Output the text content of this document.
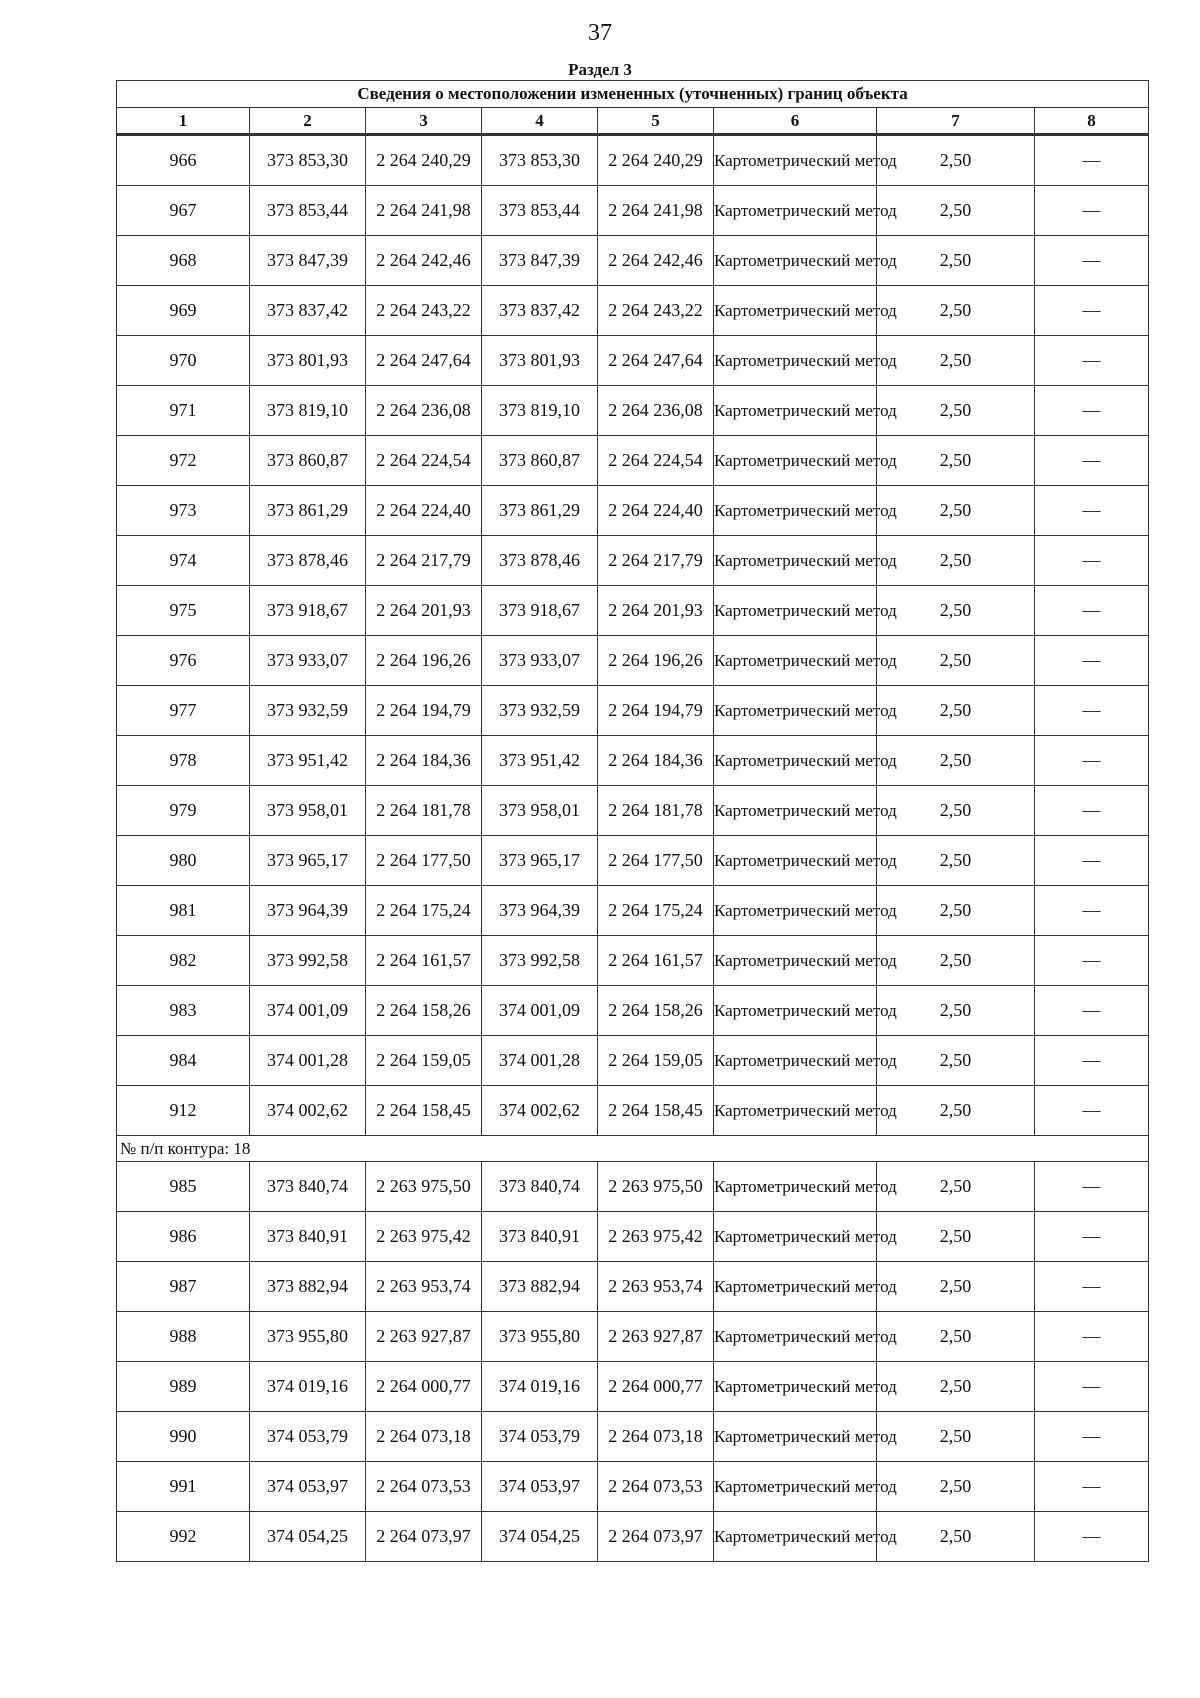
37
Раздел 3
Сведения о местоположении измененных (уточненных) границ объекта							
1	2	3	4	5	6	7	8
966	373 853,30	2 264 240,29	373 853,30	2 264 240,29	Картометрический метод	2,50	—
967	373 853,44	2 264 241,98	373 853,44	2 264 241,98	Картометрический метод	2,50	—
968	373 847,39	2 264 242,46	373 847,39	2 264 242,46	Картометрический метод	2,50	—
969	373 837,42	2 264 243,22	373 837,42	2 264 243,22	Картометрический метод	2,50	—
970	373 801,93	2 264 247,64	373 801,93	2 264 247,64	Картометрический метод	2,50	—
971	373 819,10	2 264 236,08	373 819,10	2 264 236,08	Картометрический метод	2,50	—
972	373 860,87	2 264 224,54	373 860,87	2 264 224,54	Картометрический метод	2,50	—
973	373 861,29	2 264 224,40	373 861,29	2 264 224,40	Картометрический метод	2,50	—
974	373 878,46	2 264 217,79	373 878,46	2 264 217,79	Картометрический метод	2,50	—
975	373 918,67	2 264 201,93	373 918,67	2 264 201,93	Картометрический метод	2,50	—
976	373 933,07	2 264 196,26	373 933,07	2 264 196,26	Картометрический метод	2,50	—
977	373 932,59	2 264 194,79	373 932,59	2 264 194,79	Картометрический метод	2,50	—
978	373 951,42	2 264 184,36	373 951,42	2 264 184,36	Картометрический метод	2,50	—
979	373 958,01	2 264 181,78	373 958,01	2 264 181,78	Картометрический метод	2,50	—
980	373 965,17	2 264 177,50	373 965,17	2 264 177,50	Картометрический метод	2,50	—
981	373 964,39	2 264 175,24	373 964,39	2 264 175,24	Картометрический метод	2,50	—
982	373 992,58	2 264 161,57	373 992,58	2 264 161,57	Картометрический метод	2,50	—
983	374 001,09	2 264 158,26	374 001,09	2 264 158,26	Картометрический метод	2,50	—
984	374 001,28	2 264 159,05	374 001,28	2 264 159,05	Картометрический метод	2,50	—
912	374 002,62	2 264 158,45	374 002,62	2 264 158,45	Картометрический метод	2,50	—
№ п/п контура: 18							
985	373 840,74	2 263 975,50	373 840,74	2 263 975,50	Картометрический метод	2,50	—
986	373 840,91	2 263 975,42	373 840,91	2 263 975,42	Картометрический метод	2,50	—
987	373 882,94	2 263 953,74	373 882,94	2 263 953,74	Картометрический метод	2,50	—
988	373 955,80	2 263 927,87	373 955,80	2 263 927,87	Картометрический метод	2,50	—
989	374 019,16	2 264 000,77	374 019,16	2 264 000,77	Картометрический метод	2,50	—
990	374 053,79	2 264 073,18	374 053,79	2 264 073,18	Картометрический метод	2,50	—
991	374 053,97	2 264 073,53	374 053,97	2 264 073,53	Картометрический метод	2,50	—
992	374 054,25	2 264 073,97	374 054,25	2 264 073,97	Картометрический метод	2,50	—
